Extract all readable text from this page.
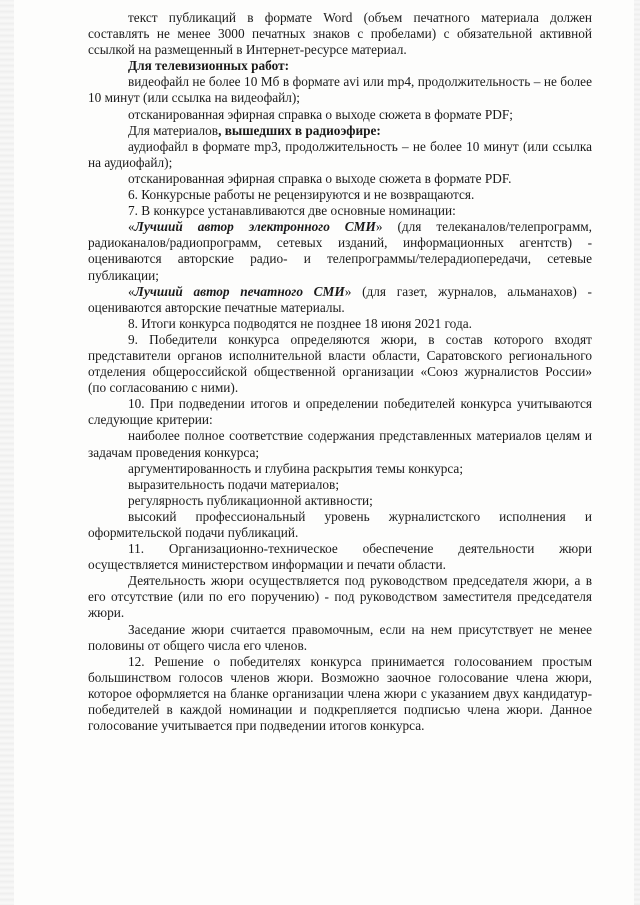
текст публикаций в формате Word (объем печатного материала должен составлять не менее 3000 печатных знаков с пробелами) с обязательной активной ссылкой на размещенный в Интернет-ресурсе материал.

Для телевизионных работ:

видеофайл не более 10 Мб в формате avi или mp4, продолжительность – не более 10 минут (или ссылка на видеофайл);

отсканированная эфирная справка о выходе сюжета в формате PDF;

Для материалов, вышедших в радиоэфире:

аудиофайл в формате mp3, продолжительность – не более 10 минут (или ссылка на аудиофайл);

отсканированная эфирная справка о выходе сюжета в формате PDF.

6. Конкурсные работы не рецензируются и не возвращаются.

7. В конкурсе устанавливаются две основные номинации:

«Лучший автор электронного СМИ» (для телеканалов/телепрограмм, радиоканалов/радиопрограмм, сетевых изданий, информационных агентств) - оцениваются авторские радио- и телепрограммы/телерадиопередачи, сетевые публикации;

«Лучший автор печатного СМИ» (для газет, журналов, альманахов) - оцениваются авторские печатные материалы.

8. Итоги конкурса подводятся не позднее 18 июня 2021 года.

9. Победители конкурса определяются жюри, в состав которого входят представители органов исполнительной власти области, Саратовского регионального отделения общероссийской общественной организации «Союз журналистов России» (по согласованию с ними).

10. При подведении итогов и определении победителей конкурса учитываются следующие критерии:

наиболее полное соответствие содержания представленных материалов целям и задачам проведения конкурса;

аргументированность и глубина раскрытия темы конкурса;

выразительность подачи материалов;

регулярность публикационной активности;

высокий профессиональный уровень журналистского исполнения и оформительской подачи публикаций.

11. Организационно-техническое обеспечение деятельности жюри осуществляется министерством информации и печати области.

Деятельность жюри осуществляется под руководством председателя жюри, а в его отсутствие (или по его поручению) - под руководством заместителя председателя жюри.

Заседание жюри считается правомочным, если на нем присутствует не менее половины от общего числа его членов.

12. Решение о победителях конкурса принимается голосованием простым большинством голосов членов жюри. Возможно заочное голосование члена жюри, которое оформляется на бланке организации члена жюри с указанием двух кандидатур-победителей в каждой номинации и подкрепляется подписью члена жюри. Данное голосование учитывается при подведении итогов конкурса.
